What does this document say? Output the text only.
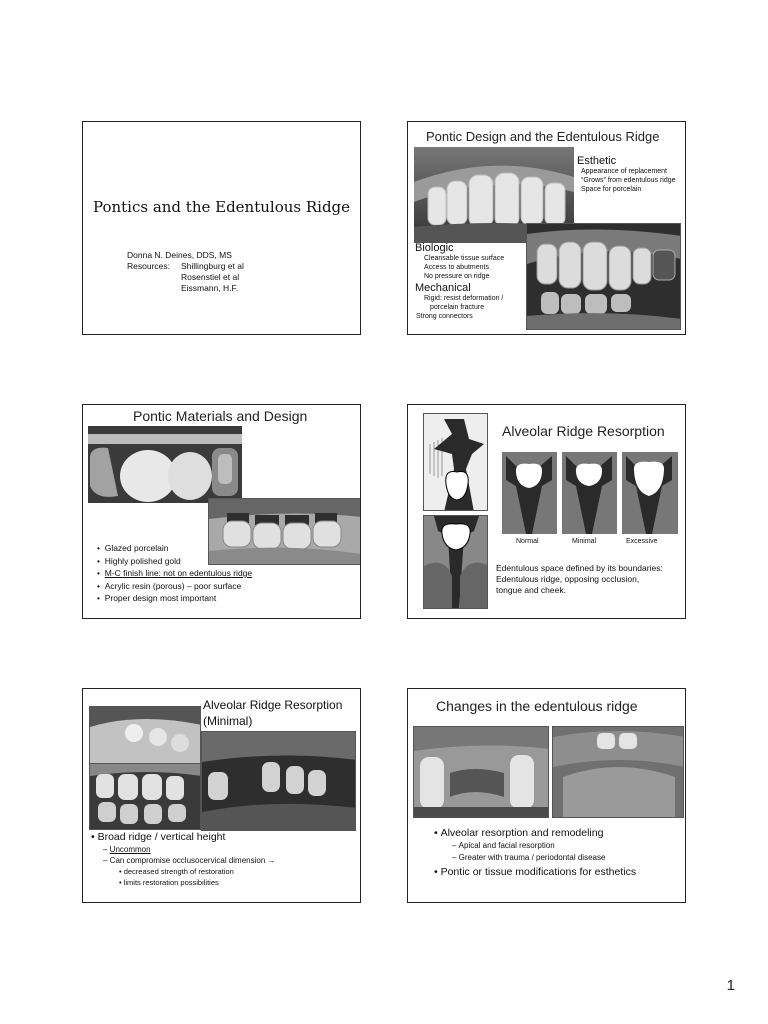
Pontics and the Edentulous Ridge
Donna N. Deines, DDS, MS
Resources:	Shillingburg et al
Rosenstiel et al
Eissmann, H.F.
Pontic Design and the Edentulous Ridge
Esthetic
Appearance of replacement
“Grows” from edentulous ridge
Space for porcelain
Biologic
Cleansable tissue surface
Access to abutments
No pressure on ridge
Mechanical
Rigid: resist deformation /
porcelain fracture
Strong connectors
Pontic Materials and Design
•  Glazed porcelain
•  Highly polished gold
•  M-C finish line: not on edentulous ridge
•  Acrylic resin (porous) – poor surface
•  Proper design most important
Alveolar Ridge Resorption
Normal	Minimal	Excessive
Edentulous space defined by its boundaries:
Edentulous ridge, opposing occlusion,
tongue and cheek.
Alveolar Ridge Resorption
(Minimal)
• Broad ridge / vertical height
– Uncommon
– Can compromise occlusocervical dimension →
• decreased strength of restoration
• limits restoration possibilities
Changes in the edentulous ridge
• Alveolar resorption and remodeling
– Apical and facial resorption
– Greater with trauma / periodontal disease
• Pontic or tissue modifications for esthetics
1
